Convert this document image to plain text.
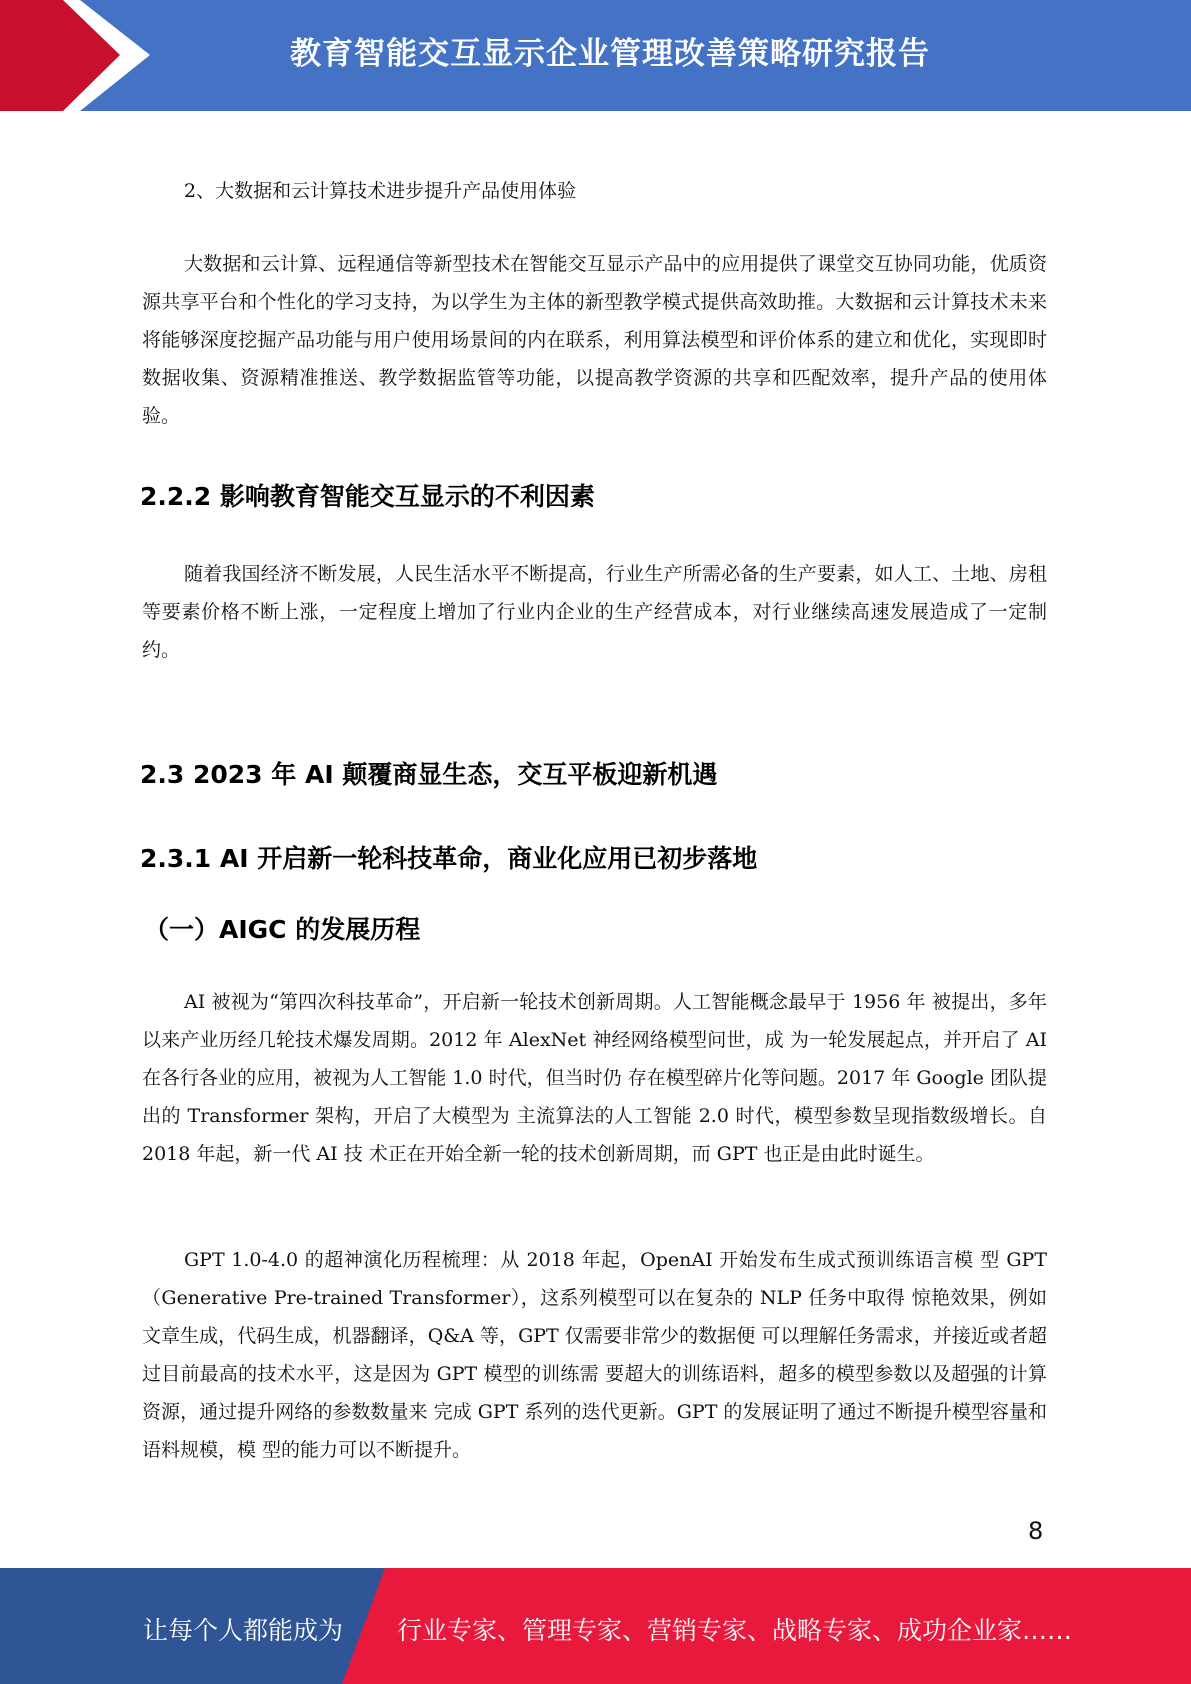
教育智能交互显示企业管理改善策略研究报告

2、大数据和云计算技术进步提升产品使用体验

大数据和云计算、远程通信等新型技术在智能交互显示产品中的应用提供了课堂交互协同功能，优质资源共享平台和个性化的学习支持，为以学生为主体的新型教学模式提供高效助推。大数据和云计算技术未来将能够深度挖掘产品功能与用户使用场景间的内在联系，利用算法模型和评价体系的建立和优化，实现即时数据收集、资源精准推送、教学数据监管等功能，以提高教学资源的共享和匹配效率，提升产品的使用体验。

2.2.2 影响教育智能交互显示的不利因素

随着我国经济不断发展，人民生活水平不断提高，行业生产所需必备的生产要素，如人工、土地、房租等要素价格不断上涨，一定程度上增加了行业内企业的生产经营成本，对行业继续高速发展造成了一定制约。

2.3 2023 年 AI 颠覆商显生态，交互平板迎新机遇
2.3.1 AI 开启新一轮科技革命，商业化应用已初步落地
（一）AIGC 的发展历程

AI 被视为“第四次科技革命”，开启新一轮技术创新周期。人工智能概念最早于 1956 年 被提出，多年以来产业历经几轮技术爆发周期。2012 年 AlexNet 神经网络模型问世，成 为一轮发展起点，并开启了 AI 在各行各业的应用，被视为人工智能 1.0 时代，但当时仍 存在模型碎片化等问题。2017 年 Google 团队提出的 Transformer 架构，开启了大模型为 主流算法的人工智能 2.0 时代，模型参数呈现指数级增长。自 2018 年起，新一代 AI 技 术正在开始全新一轮的技术创新周期，而 GPT 也正是由此时诞生。

GPT 1.0-4.0 的超神演化历程梳理：从 2018 年起，OpenAI 开始发布生成式预训练语言模 型 GPT（Generative Pre-trained Transformer），这系列模型可以在复杂的 NLP 任务中取得 惊艳效果，例如文章生成，代码生成，机器翻译，Q&A 等，GPT 仅需要非常少的数据便 可以理解任务需求，并接近或者超过目前最高的技术水平，这是因为 GPT 模型的训练需 要超大的训练语料，超多的模型参数以及超强的计算资源，通过提升网络的参数数量来 完成 GPT 系列的迭代更新。GPT 的发展证明了通过不断提升模型容量和语料规模，模 型的能力可以不断提升。

8
让每个人都能成为 行业专家、管理专家、营销专家、战略专家、成功企业家……
